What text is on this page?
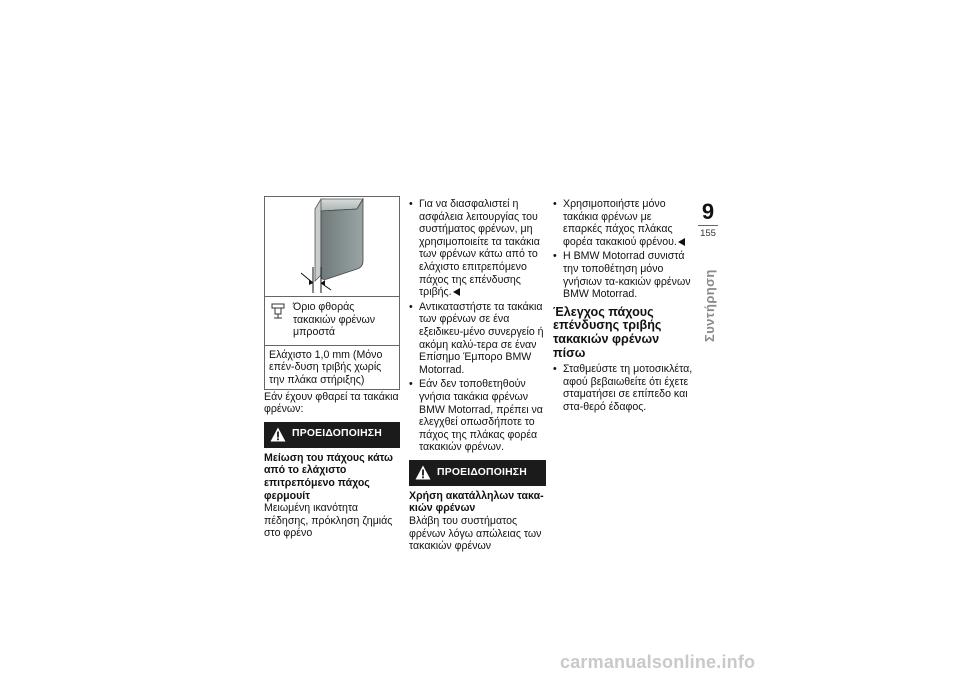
Όριο φθοράς τακακιών φρένων μπροστά

Ελάχιστο 1,0 mm (Μόνο επέν-δυση τριβής χωρίς την πλάκα στήριξης)

Εάν έχουν φθαρεί τα τακάκια φρένων:

ΠΡΟΕΙΔΟΠΟΙΗΣΗ

Μείωση του πάχους κάτω από το ελάχιστο επιτρεπόμενο πάχος φερμουίτ

Μειωμένη ικανότητα πέδησης, πρόκληση ζημιάς στο φρένο

• Για να διασφαλιστεί η ασφάλεια λειτουργίας του συστήματος φρένων, μη χρησιμοποιείτε τα τακάκια των φρένων κάτω από το ελάχιστο επιτρεπόμενο πάχος της επένδυσης τριβής.
• Αντικαταστήστε τα τακάκια των φρένων σε ένα εξειδικευ-μένο συνεργείο ή ακόμη καλύ-τερα σε έναν Επίσημο Έμπορο BMW Motorrad.
• Εάν δεν τοποθετηθούν γνήσια τακάκια φρένων BMW Motorrad, πρέπει να ελεγχθεί οπωσδήποτε το πάχος της πλάκας φορέα τακακιών φρένων.
ΠΡΟΕΙΔΟΠΟΙΗΣΗ

Χρήση ακατάλληλων τακα-κιών φρένων

Βλάβη του συστήματος φρένων λόγω απώλειας των τακακιών φρένων

• Χρησιμοποιήστε μόνο τακάκια φρένων με επαρκές πάχος πλάκας φορέα τακακιού φρένου.
• Η BMW Motorrad συνιστά την τοποθέτηση μόνο γνήσιων τα-κακιών φρένων BMW Motorrad.
Έλεγχος πάχους επένδυσης τριβής τακακιών φρένων πίσω
• Σταθμεύστε τη μοτοσικλέτα, αφού βεβαιωθείτε ότι έχετε σταματήσει σε επίπεδο και στα-θερό έδαφος.
9
155
Συντήρηση
carmanualsonline.info
